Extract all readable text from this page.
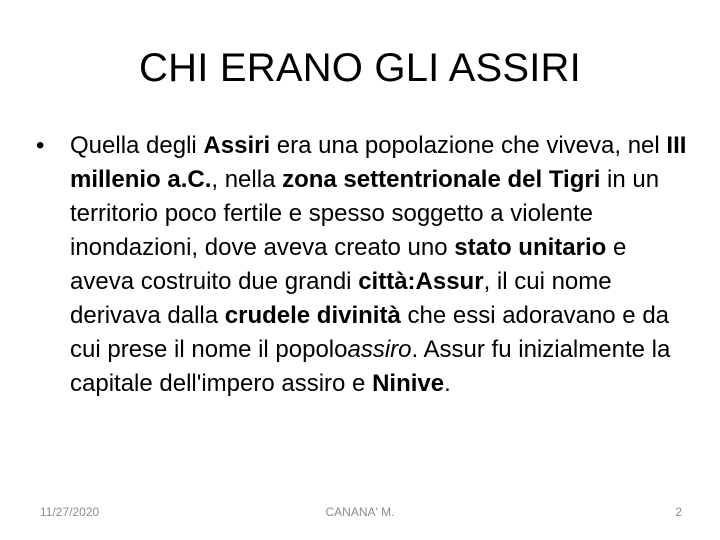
CHI ERANO GLI ASSIRI
•	Quella degli Assiri era una popolazione che viveva, nel III millenio a.C., nella zona settentrionale del Tigri in un territorio poco fertile e spesso soggetto a violente inondazioni, dove aveva creato uno stato unitario e aveva costruito due grandi città:Assur, il cui nome derivava dalla crudele divinità che essi adoravano e da cui prese il nome il popoloassiro. Assur fu inizialmente la capitale dell'impero assiro e Ninive.
11/27/2020	CANANA' M.	2
